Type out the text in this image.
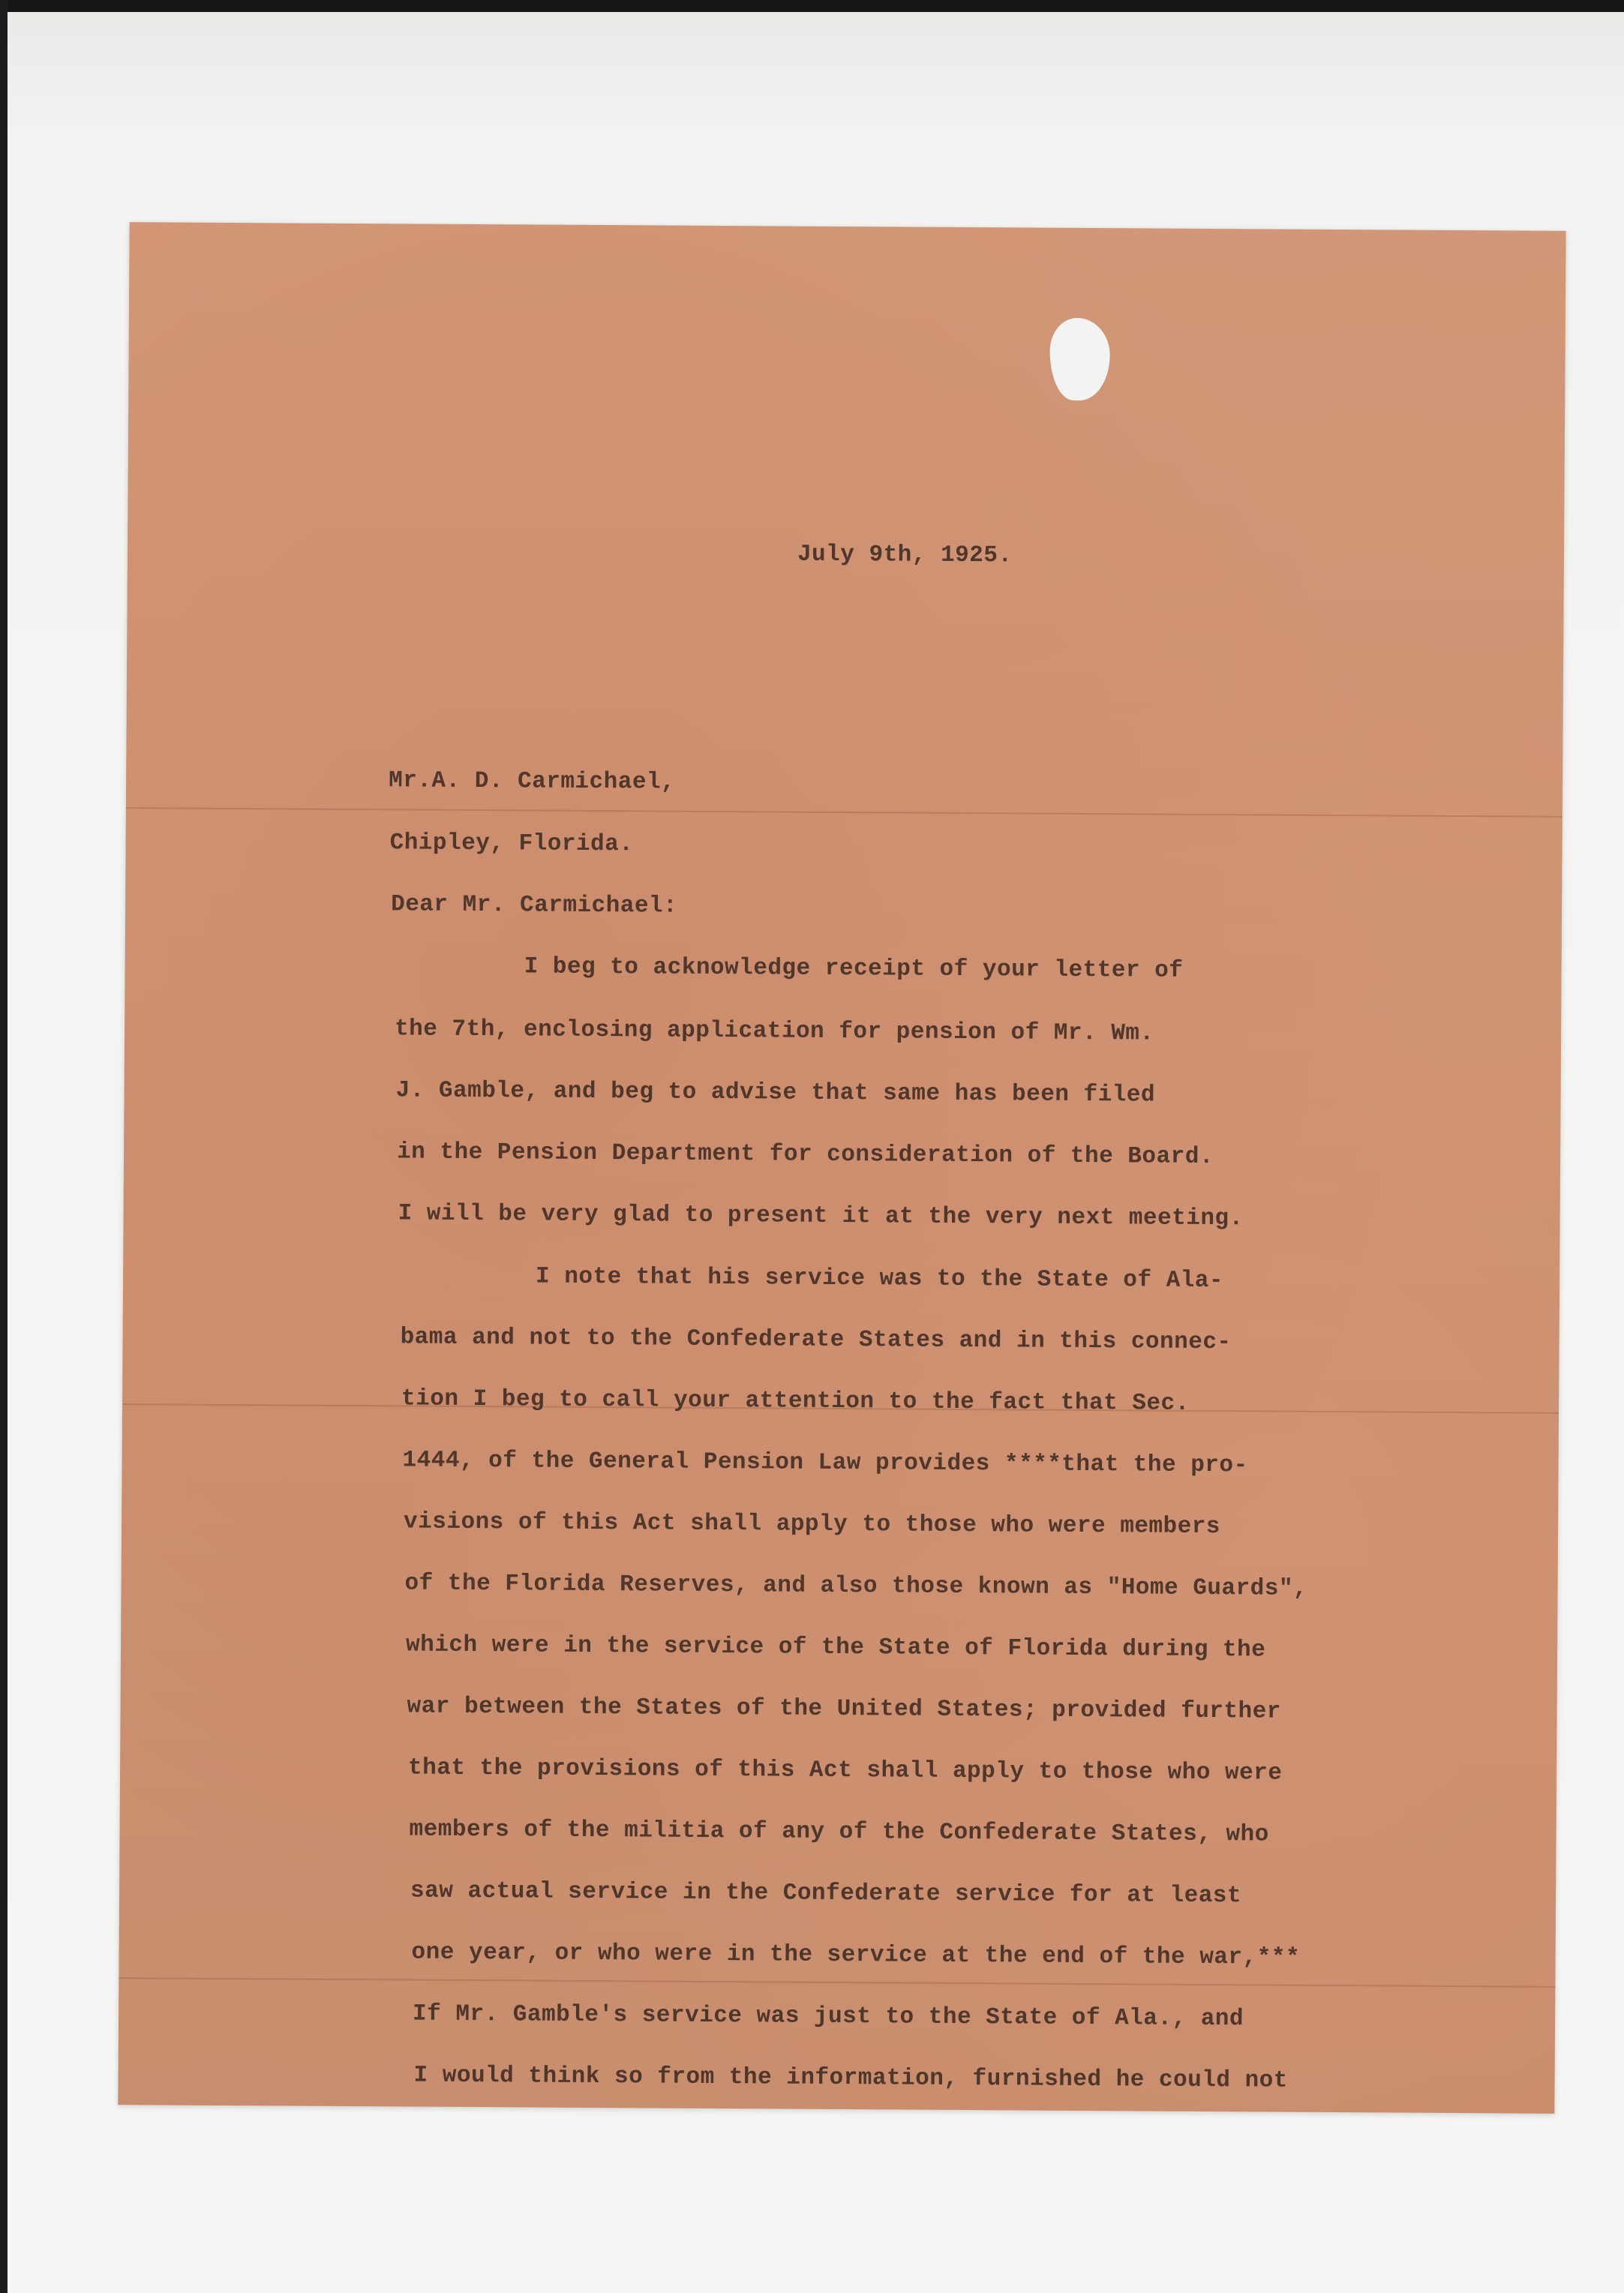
July 9th, 1925.
Mr.A. D. Carmichael,
Chipley, Florida.
Dear Mr. Carmichael:
I beg to acknowledge receipt of your letter of
the 7th, enclosing application for pension of Mr. Wm.
J. Gamble, and beg to advise that same has been filed
in the Pension Department for consideration of the Board.
I will be very glad to present it at the very next meeting.
I note that his service was to the State of Ala-
bama and not to the Confederate States and in this connec-
tion I beg to call your attention to the fact that Sec.
1444, of the General Pension Law provides ****that the pro-
visions of this Act shall apply to those who were members
of the Florida Reserves, and also those known as "Home Guards",
which were in the service of the State of Florida during the
war between the States of the United States; provided further
that the provisions of this Act shall apply to those who were
members of the militia of any of the Confederate States, who
saw actual service in the Confederate service for at least
one year, or who were in the service at the end of the war,***
If Mr. Gamble's service was just to the State of Ala., and
I would think so from the information, furnished he could not
